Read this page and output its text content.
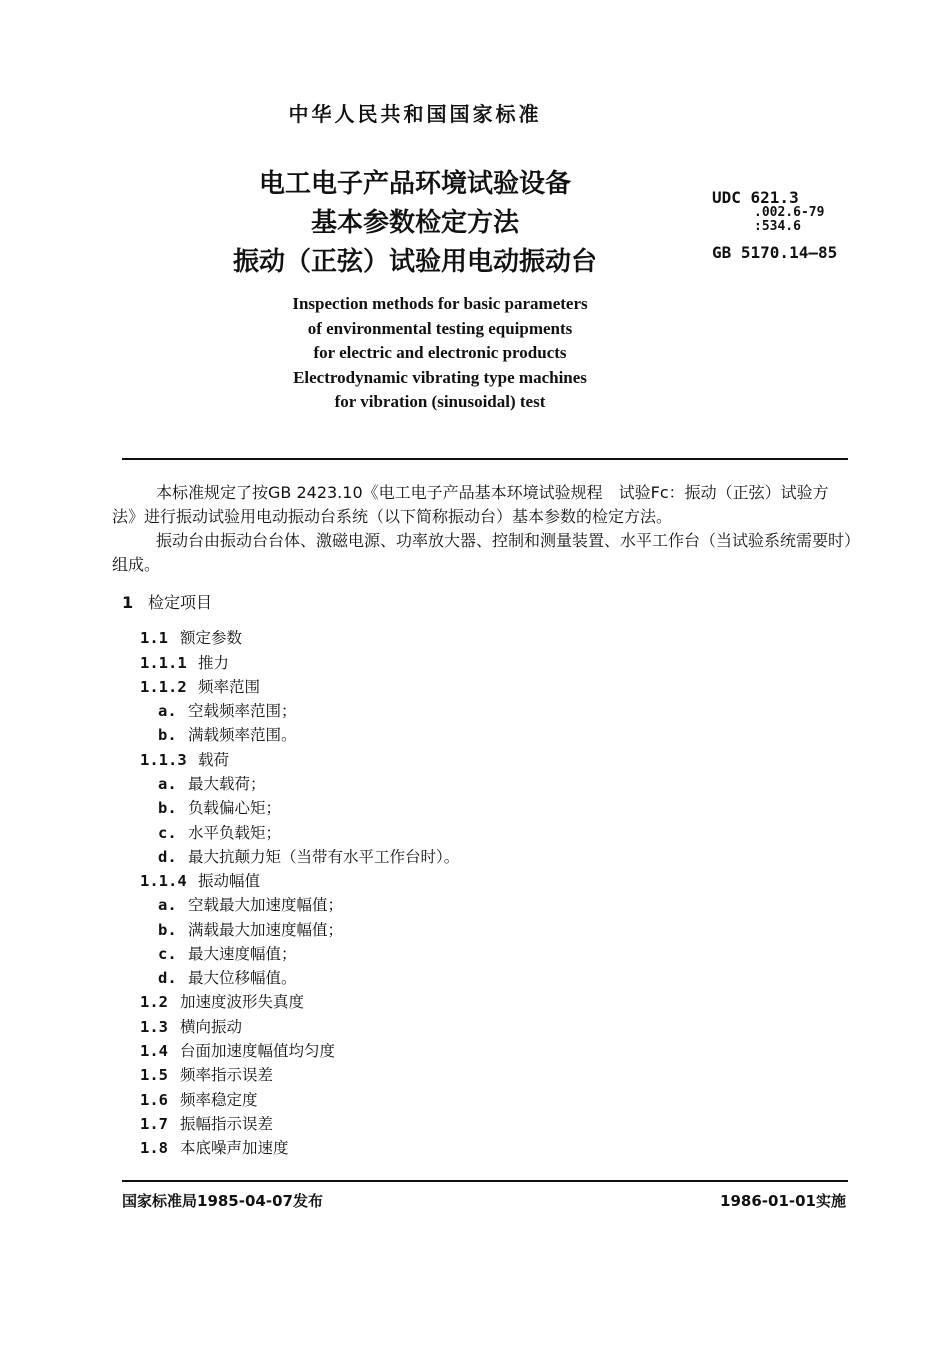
中华人民共和国国家标准
电工电子产品环境试验设备
基本参数检定方法
振动（正弦）试验用电动振动台
UDC 621.3
.002.6-79
:534.6
GB 5170.14—85
Inspection methods for basic parameters
of environmental testing equipments
for electric and electronic products
Electrodynamic vibrating type machines
for vibration (sinusoidal) test
本标准规定了按GB 2423.10《电工电子产品基本环境试验规程　试验Fc：振动（正弦）试验方法》进行振动试验用电动振动台系统（以下简称振动台）基本参数的检定方法。
振动台由振动台台体、激磁电源、功率放大器、控制和测量装置、水平工作台（当试验系统需要时）组成。
1 检定项目
1.1 额定参数
1.1.1 推力
1.1.2 频率范围
a. 空载频率范围；
b. 满载频率范围。
1.1.3 载荷
a. 最大载荷；
b. 负载偏心矩；
c. 水平负载矩；
d. 最大抗颠力矩（当带有水平工作台时）。
1.1.4 振动幅值
a. 空载最大加速度幅值；
b. 满载最大加速度幅值；
c. 最大速度幅值；
d. 最大位移幅值。
1.2 加速度波形失真度
1.3 横向振动
1.4 台面加速度幅值均匀度
1.5 频率指示误差
1.6 频率稳定度
1.7 振幅指示误差
1.8 本底噪声加速度
国家标准局1985-04-07发布	1986-01-01实施
